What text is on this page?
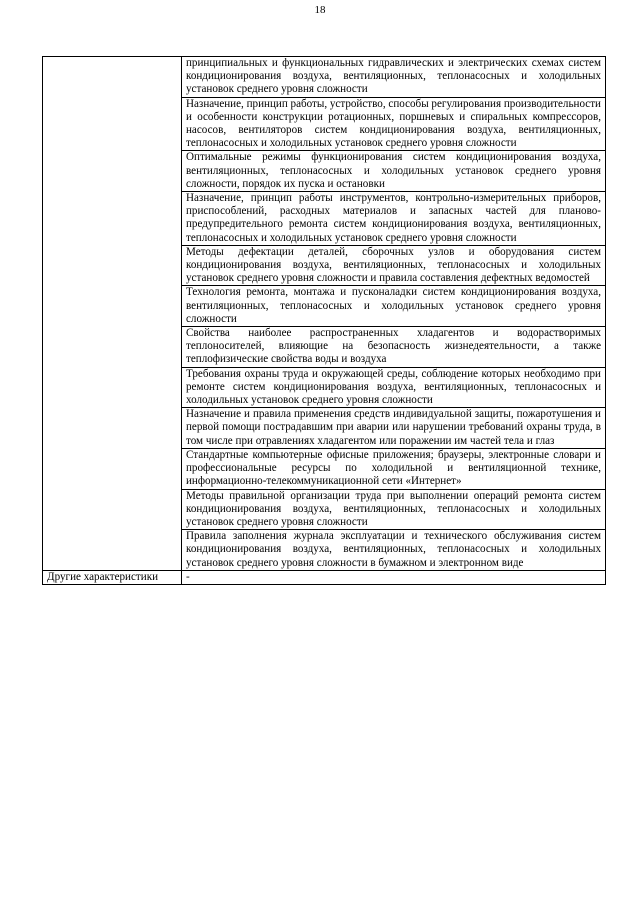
18
	принципиальных и функциональных гидравлических и электрических схемах систем кондиционирования воздуха, вентиляционных, теплонасосных и холодильных установок среднего уровня сложности
	Назначение, принцип работы, устройство, способы регулирования производительности и особенности конструкции ротационных, поршневых и спиральных компрессоров, насосов, вентиляторов систем кондиционирования воздуха, вентиляционных, теплонасосных и холодильных установок среднего уровня сложности
	Оптимальные режимы функционирования систем кондиционирования воздуха, вентиляционных, теплонасосных и холодильных установок среднего уровня сложности, порядок их пуска и остановки
	Назначение, принцип работы инструментов, контрольно-измерительных приборов, приспособлений, расходных материалов и запасных частей для планово-предупредительного ремонта систем кондиционирования воздуха, вентиляционных, теплонасосных и холодильных установок среднего уровня сложности
	Методы дефектации деталей, сборочных узлов и оборудования систем кондиционирования воздуха, вентиляционных, теплонасосных и холодильных установок среднего уровня сложности и правила составления дефектных ведомостей
	Технология ремонта, монтажа и пусконаладки систем кондиционирования воздуха, вентиляционных, теплонасосных и холодильных установок среднего уровня сложности
	Свойства наиболее распространенных хладагентов и водорастворимых теплоносителей, влияющие на безопасность жизнедеятельности, а также теплофизические свойства воды и воздуха
	Требования охраны труда и окружающей среды, соблюдение которых необходимо при ремонте систем кондиционирования воздуха, вентиляционных, теплонасосных и холодильных установок среднего уровня сложности
	Назначение и правила применения средств индивидуальной защиты, пожаротушения и первой помощи пострадавшим при аварии или нарушении требований охраны труда, в том числе при отравлениях хладагентом или поражении им частей тела и глаз
	Стандартные компьютерные офисные приложения; браузеры, электронные словари и профессиональные ресурсы по холодильной и вентиляционной технике, информационно-телекоммуникационной сети «Интернет»
	Методы правильной организации труда при выполнении операций ремонта систем кондиционирования воздуха, вентиляционных, теплонасосных и холодильных установок среднего уровня сложности
	Правила заполнения журнала эксплуатации и технического обслуживания систем кондиционирования воздуха, вентиляционных, теплонасосных и холодильных установок среднего уровня сложности в бумажном и электронном виде
Другие характеристики	-
